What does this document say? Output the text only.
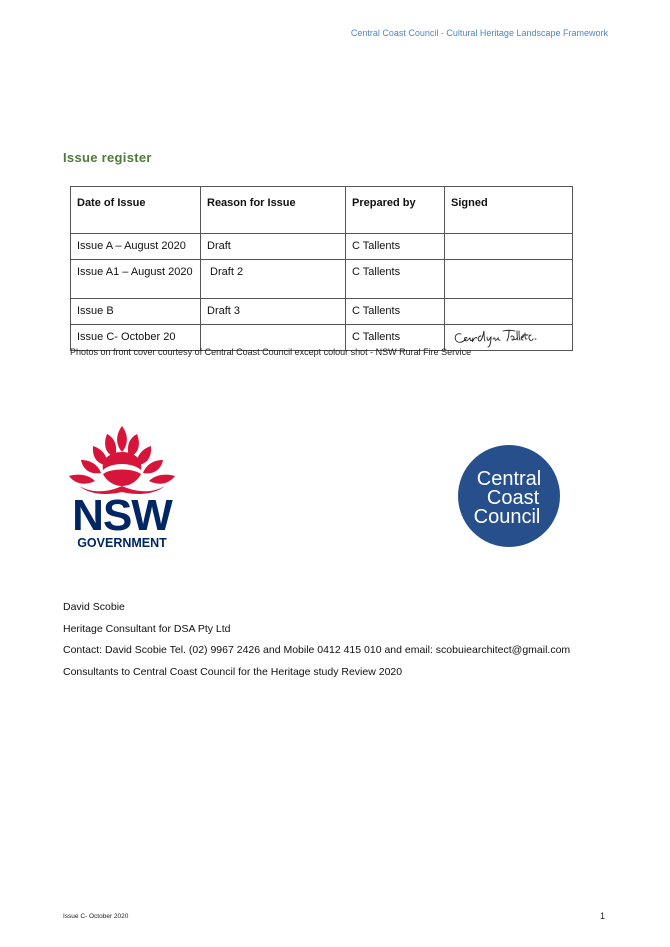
Central Coast Council - Cultural Heritage Landscape Framework
Issue register
Date of Issue	Reason for Issue	Prepared by	Signed
Issue A – August 2020	Draft	C Tallents	
Issue A1 – August 2020	Draft 2	C Tallents	
Issue B	Draft 3	C Tallents	
Issue C- October 20		C Tallents	
Photos on front cover courtesy of Central Coast Council except colour shot - NSW Rural Fire Service
NSW
GOVERNMENT
Central
Coast
Council
David Scobie
Heritage Consultant for DSA Pty Ltd
Contact: David Scobie Tel. (02) 9967 2426 and Mobile 0412 415 010 and email: scobuiearchitect@gmail.com
Consultants to Central Coast Council for the Heritage study Review 2020
Issue C- October 2020	1
